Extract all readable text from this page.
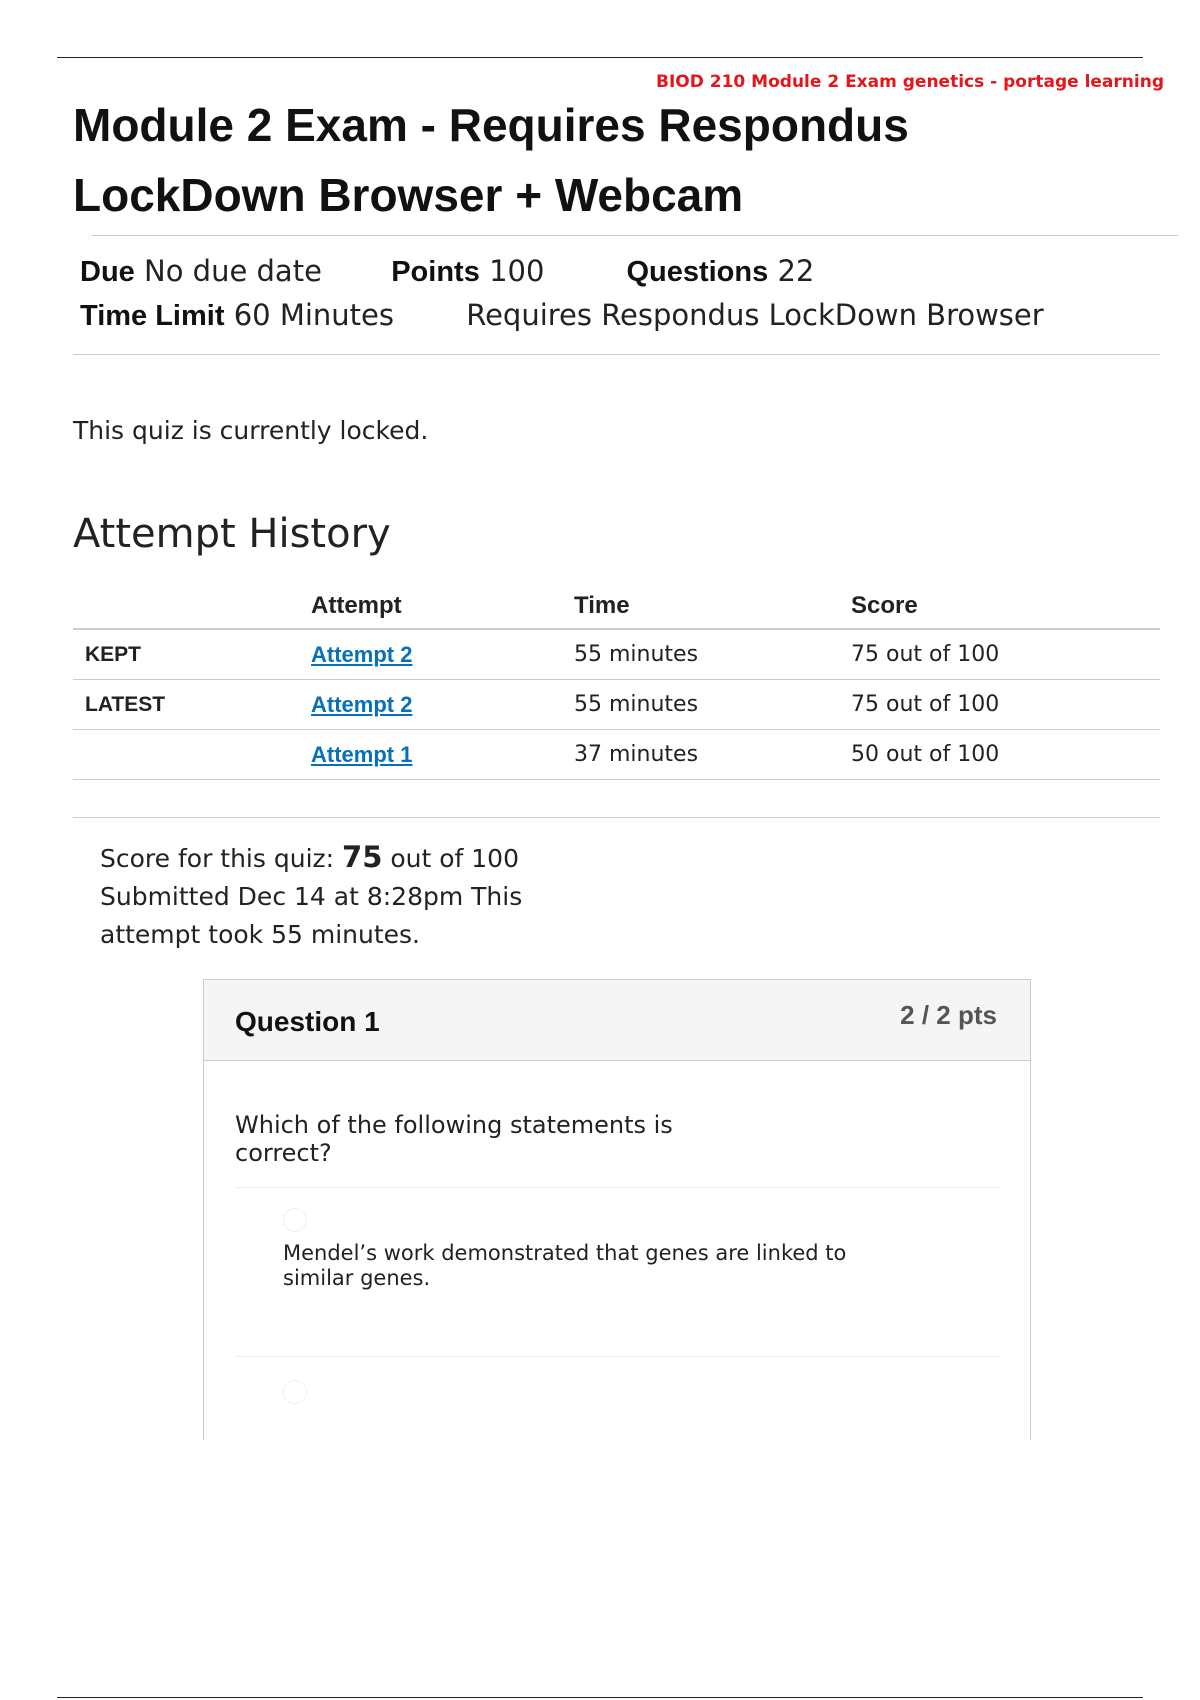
BIOD 210 Module 2 Exam genetics - portage learning
Module 2 Exam - Requires Respondus LockDown Browser + Webcam
Due No due date Points 100	Questions 22
Time Limit 60 Minutes Requires Respondus LockDown Browser
This quiz is currently locked.
Attempt History
	Attempt	Time	Score
KEPT	Attempt 2	55 minutes	75 out of 100
LATEST	Attempt 2	55 minutes	75 out of 100
	Attempt 1	37 minutes	50 out of 100
Score for this quiz: 75 out of 100 Submitted Dec 14 at 8:28pm This attempt took 55 minutes.
Question 1	2 / 2 pts
Which of the following statements is correct?
Mendel’s work demonstrated that genes are linked to similar genes.
